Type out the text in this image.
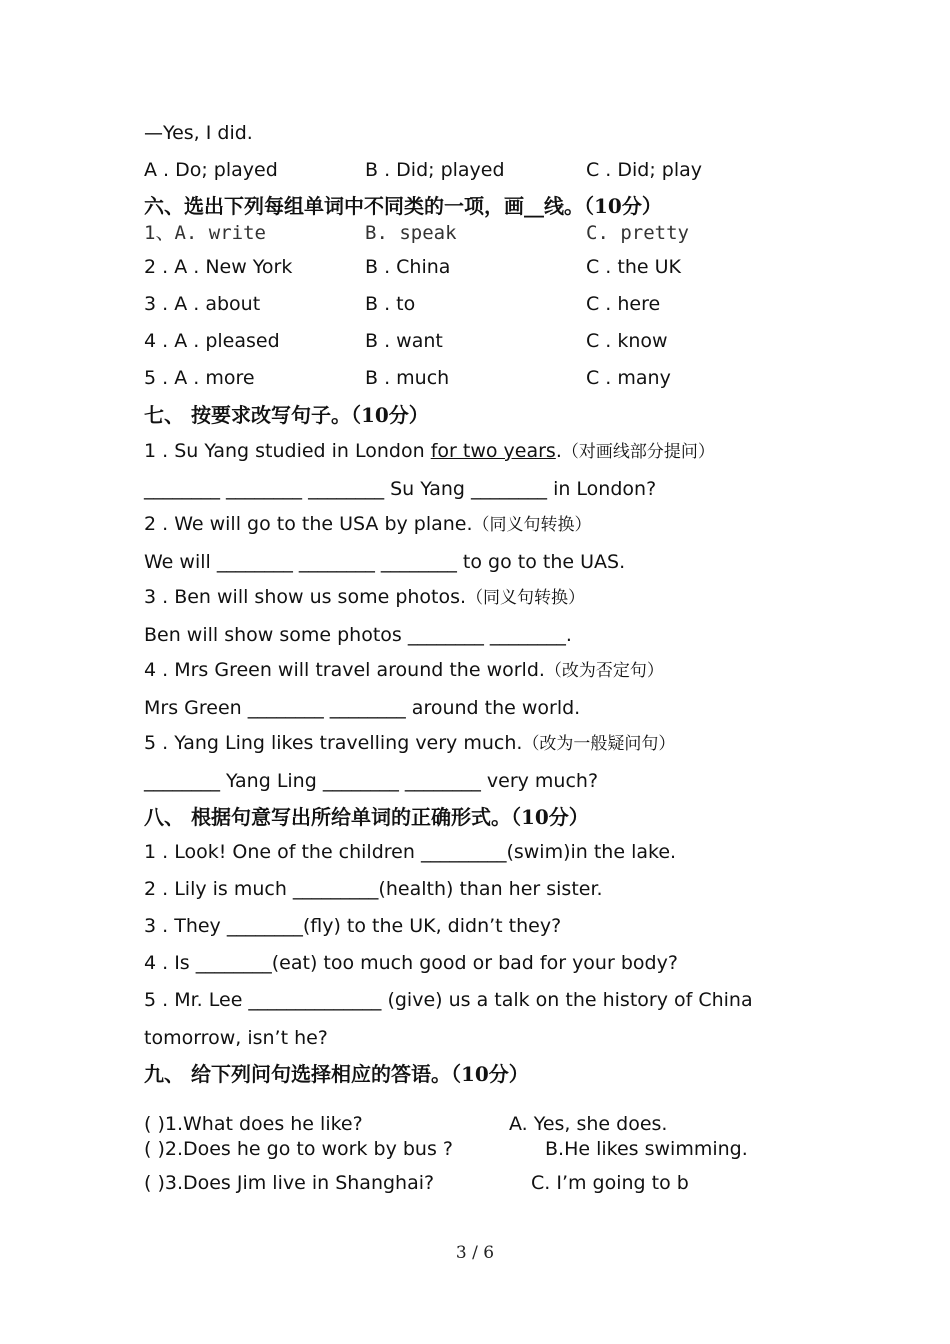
—Yes, I did.
A . Do; played	B . Did; played	C . Did; play
六、选出下列每组单词中不同类的一项，画__线。（10分）
1、A. write	B. speak	C. pretty
2 . A . New York	B . China	C . the UK
3 . A . about	B . to	C . here
4 . A . pleased	B . want	C . know
5 . A . more	B . much	C . many
七、 按要求改写句子。（10分）
1 . Su Yang studied in London for two years.（对画线部分提问）
________ ________ ________ Su Yang ________ in London?
2 . We will go to the USA by plane.（同义句转换）
We will ________ ________ ________ to go to the UAS.
3 . Ben will show us some photos.（同义句转换）
Ben will show some photos ________ ________.
4 . Mrs Green will travel around the world.（改为否定句）
Mrs Green ________ ________ around the world.
5 . Yang Ling likes travelling very much.（改为一般疑问句）
________ Yang Ling ________ ________ very much?
八、 根据句意写出所给单词的正确形式。（10分）
1 . Look! One of the children _________(swim)in the lake.
2 . Lily is much _________(health) than her sister.
3 . They ________(fly) to the UK, didn’t they?
4 . Is ________(eat) too much good or bad for your body?
5 . Mr. Lee ______________ (give) us a talk on the history of China
tomorrow, isn’t he?
九、 给下列问句选择相应的答语。（10分）
( )1.What does he like?	A. Yes, she does.
( )2.Does he go to work by bus ?	B.He likes swimming.
( )3.Does Jim live in Shanghai?	C. I’m going to b
3 / 6
